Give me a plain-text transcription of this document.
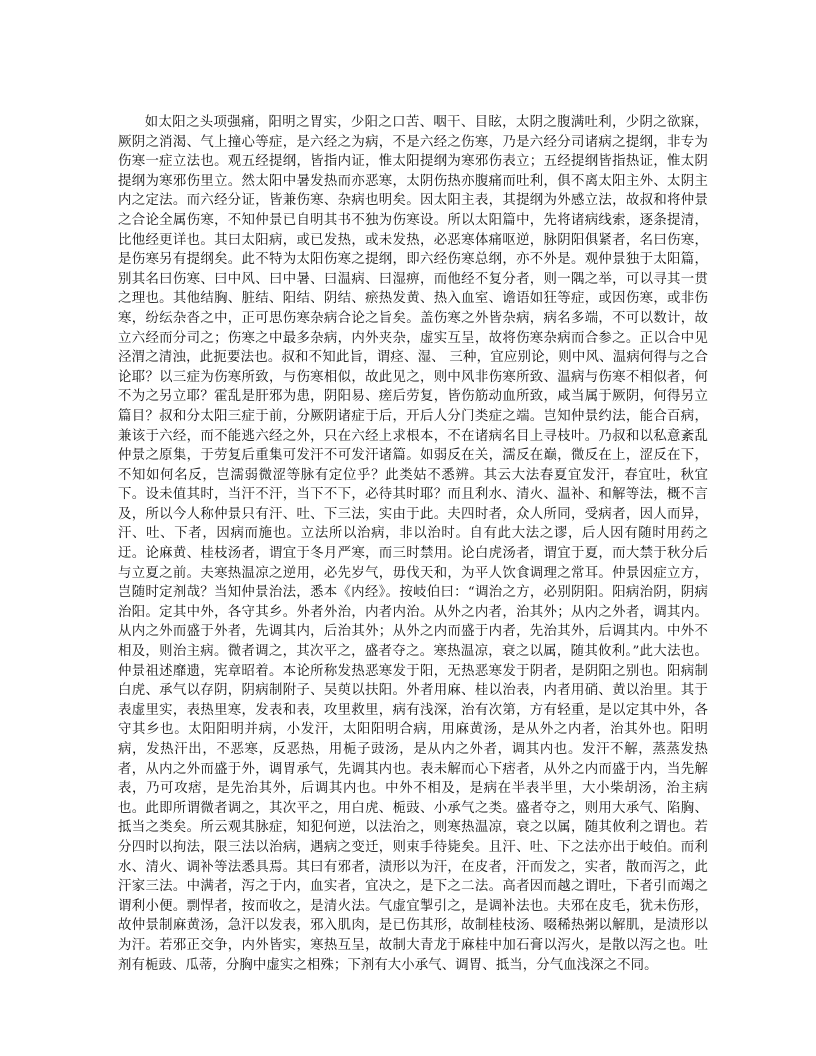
如太阳之头项强痛，阳明之胃实，少阳之口苦、咽干、目眩，太阴之腹满吐利，少阴之欲寐，厥阴之消渴、气上撞心等症，是六经之为病，不是六经之伤寒，乃是六经分司诸病之提纲，非专为伤寒一症立法也。观五经提纲，皆指内证，惟太阳提纲为寒邪伤表立；五经提纲皆指热证，惟太阴提纲为寒邪伤里立。然太阳中暑发热而亦恶寒，太阴伤热亦腹痛而吐利，俱不离太阳主外、太阴主内之定法。而六经分证，皆兼伤寒、杂病也明矣。因太阳主表，其提纲为外感立法，故叔和将仲景之合论全属伤寒，不知仲景已自明其书不独为伤寒设。所以太阳篇中，先将诸病线索，逐条提清，比他经更详也。其曰太阳病，或已发热，或未发热，必恶寒体痛呕逆，脉阴阳俱紧者，名曰伤寒，是伤寒另有提纲矣。此不特为太阳伤寒之提纲，即六经伤寒总纲，亦不外是。观仲景独于太阳篇，别其名曰伤寒、曰中风、曰中暑、曰温病、曰湿痹，而他经不复分者，则一隅之举，可以寻其一贯之理也。其他结胸、脏结、阳结、阴结、瘀热发黄、热入血室、谵语如狂等症，或因伤寒，或非伤寒，纷纭杂沓之中，正可思伤寒杂病合论之旨矣。盖伤寒之外皆杂病，病名多端，不可以数计，故立六经而分司之；伤寒之中最多杂病，内外夹杂，虚实互呈，故将伤寒杂病而合参之。正以合中见泾渭之清浊，此扼要法也。叔和不知此旨，谓痉、湿、 三种，宜应别论，则中风、温病何得与之合论耶？以三症为伤寒所致，与伤寒相似，故此见之，则中风非伤寒所致、温病与伤寒不相似者，何不为之另立耶？霍乱是肝邪为患，阴阳易、瘥后劳复，皆伤筋动血所致，咸当属于厥阴，何得另立篇目？叔和分太阳三症于前，分厥阴诸症于后，开后人分门类症之端。岂知仲景约法，能合百病，兼该于六经，而不能逃六经之外，只在六经上求根本，不在诸病名目上寻枝叶。乃叔和以私意紊乱仲景之原集，于劳复后重集可发汗不可发汗诸篇。如弱反在关，濡反在巅，微反在上，涩反在下，不知如何名反，岂濡弱微涩等脉有定位乎？此类姑不悉辨。其云大法春夏宜发汗，春宜吐，秋宜下。设未值其时，当汗不汗，当下不下，必待其时耶？而且利水、清火、温补、和解等法，概不言及，所以今人称仲景只有汗、吐、下三法，实由于此。夫四时者，众人所同，受病者，因人而异，汗、吐、下者，因病而施也。立法所以治病，非以治时。自有此大法之谬，后人因有随时用药之迂。论麻黄、桂枝汤者，谓宜于冬月严寒，而三时禁用。论白虎汤者，谓宜于夏，而大禁于秋分后与立夏之前。夫寒热温凉之逆用，必先岁气，毋伐天和，为平人饮食调理之常耳。仲景因症立方，岂随时定剂哉？当知仲景治法，悉本《内经》。按岐伯曰：“调治之方，必别阴阳。阳病治阴，阴病治阳。定其中外，各守其乡。外者外治，内者内治。从外之内者，治其外；从内之外者，调其内。从内之外而盛于外者，先调其内，后治其外；从外之内而盛于内者，先治其外，后调其内。中外不相及，则治主病。微者调之，其次平之，盛者夺之。寒热温凉，衰之以属，随其攸利。”此大法也。仲景祖述靡遗，宪章昭着。本论所称发热恶寒发于阳，无热恶寒发于阴者，是阴阳之别也。阳病制白虎、承气以存阴，阴病制附子、吴萸以扶阳。外者用麻、桂以治表，内者用硝、黄以治里。其于表虚里实，表热里寒，发表和表，攻里救里，病有浅深，治有次第，方有轻重，是以定其中外，各守其乡也。太阳阳明并病，小发汗，太阳阳明合病，用麻黄汤，是从外之内者，治其外也。阳明病，发热汗出，不恶寒，反恶热，用栀子豉汤，是从内之外者，调其内也。发汗不解，蒸蒸发热者，从内之外而盛于外，调胃承气，先调其内也。表未解而心下痞者，从外之内而盛于内，当先解表，乃可攻痞，是先治其外，后调其内也。中外不相及，是病在半表半里，大小柴胡汤，治主病也。此即所谓微者调之，其次平之，用白虎、栀豉、小承气之类。盛者夺之，则用大承气、陷胸、抵当之类矣。所云观其脉症，知犯何逆，以法治之，则寒热温凉，衰之以属，随其攸利之谓也。若分四时以拘法，限三法以治病，遇病之变迁，则束手待毙矣。且汗、吐、下之法亦出于岐伯。而利水、清火、调补等法悉具焉。其曰有邪者，渍形以为汗，在皮者，汗而发之，实者，散而泻之，此汗家三法。中满者，泻之于内，血实者，宜决之，是下之二法。高者因而越之谓吐，下者引而竭之谓利小便。剽悍者，按而收之，是清火法。气虚宜掣引之，是调补法也。夫邪在皮毛，犹未伤形，故仲景制麻黄汤，急汗以发表，邪入肌肉，是已伤其形，故制桂枝汤、啜稀热粥以解肌，是渍形以为汗。若邪正交争，内外皆实，寒热互呈，故制大青龙于麻桂中加石膏以泻火，是散以泻之也。吐剂有栀豉、瓜蒂，分胸中虚实之相殊；下剂有大小承气、调胃、抵当，分气血浅深之不同。
